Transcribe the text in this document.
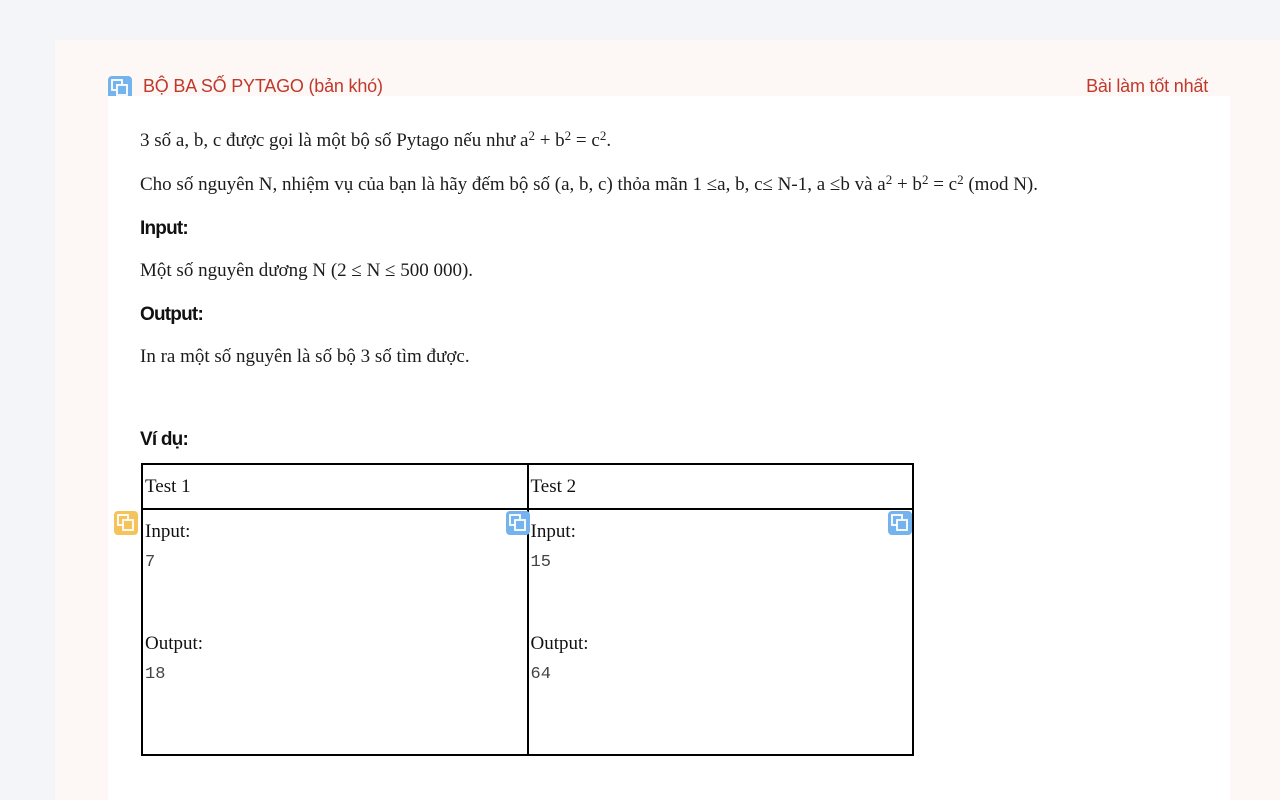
BỘ BA SỐ PYTAGO (bản khó)	Bài làm tốt nhất
3 số a, b, c được gọi là một bộ số Pytago nếu như $a^2 + b^2 = c^2$.
Cho số nguyên N, nhiệm vụ của bạn là hãy đếm bộ số (a, b, c) thỏa mãn 1 ≤a, b, c≤ N-1, a ≤b và $a^2 + b^2 = c^2$ (mod N).
Input:
Một số nguyên dương N (2 ≤ N ≤ 500 000).
Output:
In ra một số nguyên là số bộ 3 số tìm được.
Ví dụ:
Test 1	Test 2

Input:
7
Output:
18	Input:
15
Output:
64
